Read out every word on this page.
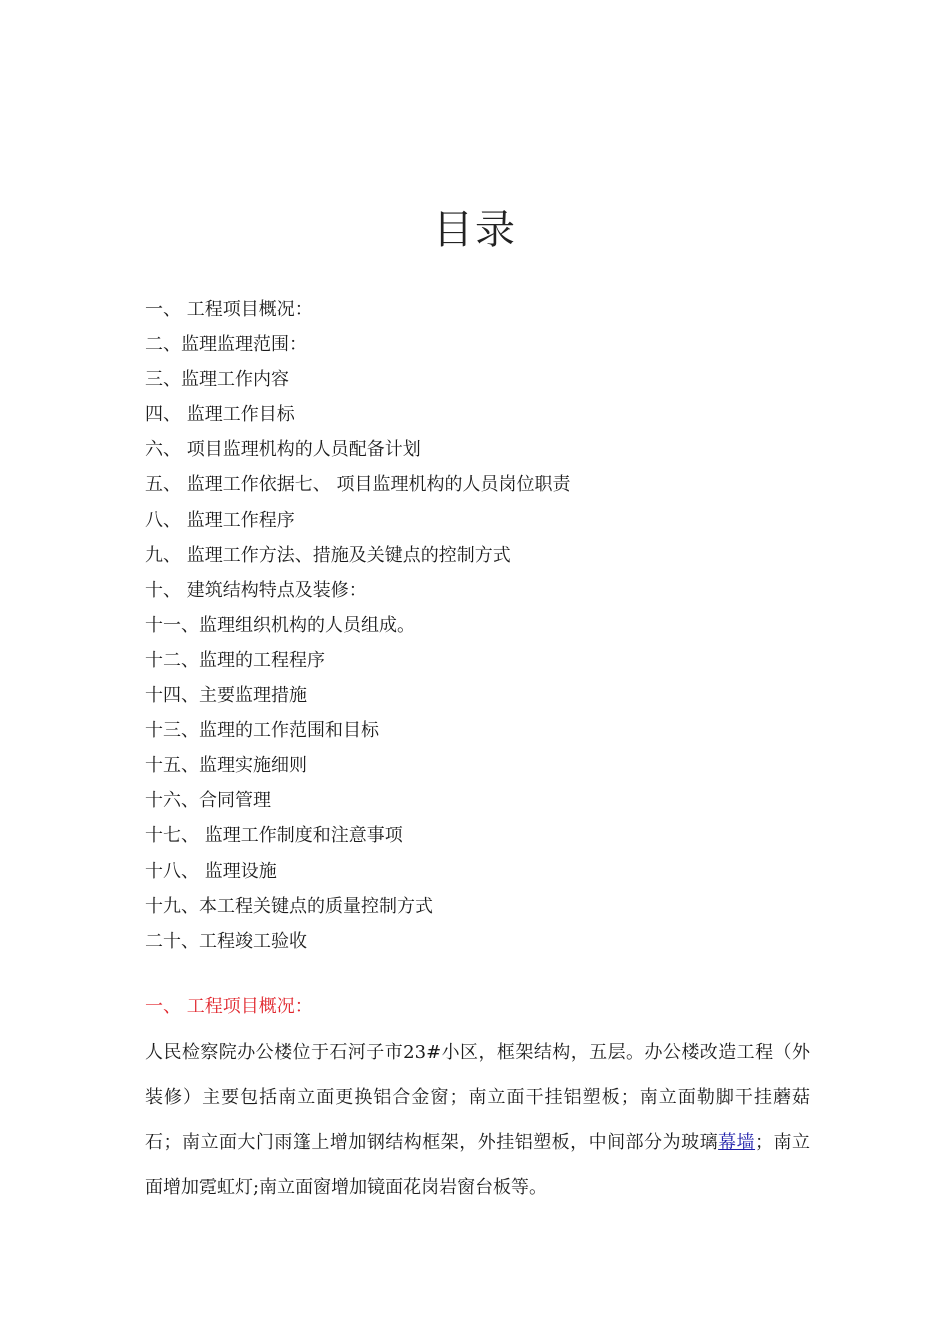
目录
一、 工程项目概况：
二、监理监理范围：
三、监理工作内容
四、 监理工作目标
六、 项目监理机构的人员配备计划
五、 监理工作依据七、 项目监理机构的人员岗位职责
八、 监理工作程序
九、 监理工作方法、措施及关键点的控制方式
十、 建筑结构特点及装修：
十一、监理组织机构的人员组成。
十二、监理的工程程序
十四、主要监理措施
十三、监理的工作范围和目标
十五、监理实施细则
十六、合同管理
十七、 监理工作制度和注意事项
十八、 监理设施
十九、本工程关键点的质量控制方式
二十、工程竣工验收
一、 工程项目概况：

人民检察院办公楼位于石河子市23#小区，框架结构，五层。办公楼改造工程（外装修）主要包括南立面更换铝合金窗；南立面干挂铝塑板；南立面勒脚干挂蘑菇石；南立面大门雨篷上增加钢结构框架，外挂铝塑板，中间部分为玻璃幕墙；南立面增加霓虹灯;南立面窗增加镜面花岗岩窗台板等。
